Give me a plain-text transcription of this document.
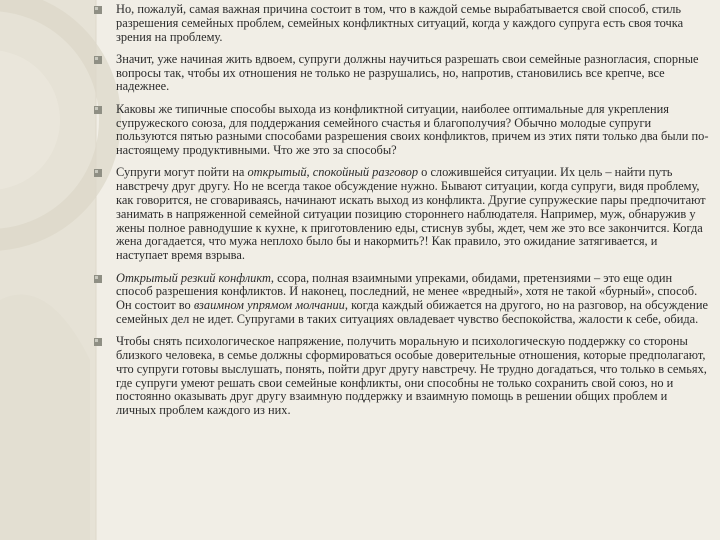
Но, пожалуй, самая важная причина состоит в том, что в каждой семье вырабатывается свой способ, стиль разрешения семейных проблем, семейных конфликтных ситуаций, когда у каждого супруга есть своя точка зрения на проблему.
Значит, уже начиная жить вдвоем, супруги должны научиться разрешать свои семейные разногласия, спорные вопросы так, чтобы их отношения не только не разрушались, но, напротив, становились все крепче, все надежнее.
Каковы же типичные способы выхода из конфликтной ситуации, наиболее оптимальные для укрепления супружеского союза, для поддержания семейного счастья и благополучия? Обычно молодые супруги пользуются пятью разными способами разрешения своих конфликтов, причем из этих пяти только два были по-настоящему продуктивными. Что же это за способы?
Супруги могут пойти на открытый, спокойный разговор о сложившейся ситуации. Их цель – найти путь навстречу друг другу. Но не всегда такое обсуждение нужно. Бывают ситуации, когда супруги, видя проблему, как говорится, не сговариваясь, начинают искать выход из конфликта. Другие супружеские пары предпочитают занимать в напряженной семейной ситуации позицию стороннего наблюдателя. Например, муж, обнаружив у жены полное равнодушие к кухне, к приготовлению еды, стиснув зубы, ждет, чем же это все закончится. Когда жена догадается, что мужа неплохо было бы и накормить?! Как правило, это ожидание затягивается, и наступает время взрыва.
Открытый резкий конфликт, ссора, полная взаимными упреками, обидами, претензиями – это еще один способ разрешения конфликтов. И наконец, последний, не менее «вредный», хотя не такой «бурный», способ. Он состоит во взаимном упрямом молчании, когда каждый обижается на другого, но на разговор, на обсуждение семейных дел не идет. Супругами в таких ситуациях овладевает чувство беспокойства, жалости к себе, обида.
Чтобы снять психологическое напряжение, получить моральную и психологическую поддержку со стороны близкого человека, в семье должны сформироваться особые доверительные отношения, которые предполагают, что супруги готовы выслушать, понять, пойти друг другу навстречу. Не трудно догадаться, что только в семьях, где супруги умеют решать свои семейные конфликты, они способны не только сохранить свой союз, но и постоянно оказывать друг другу взаимную поддержку и взаимную помощь в решении общих проблем и личных проблем каждого из них.
